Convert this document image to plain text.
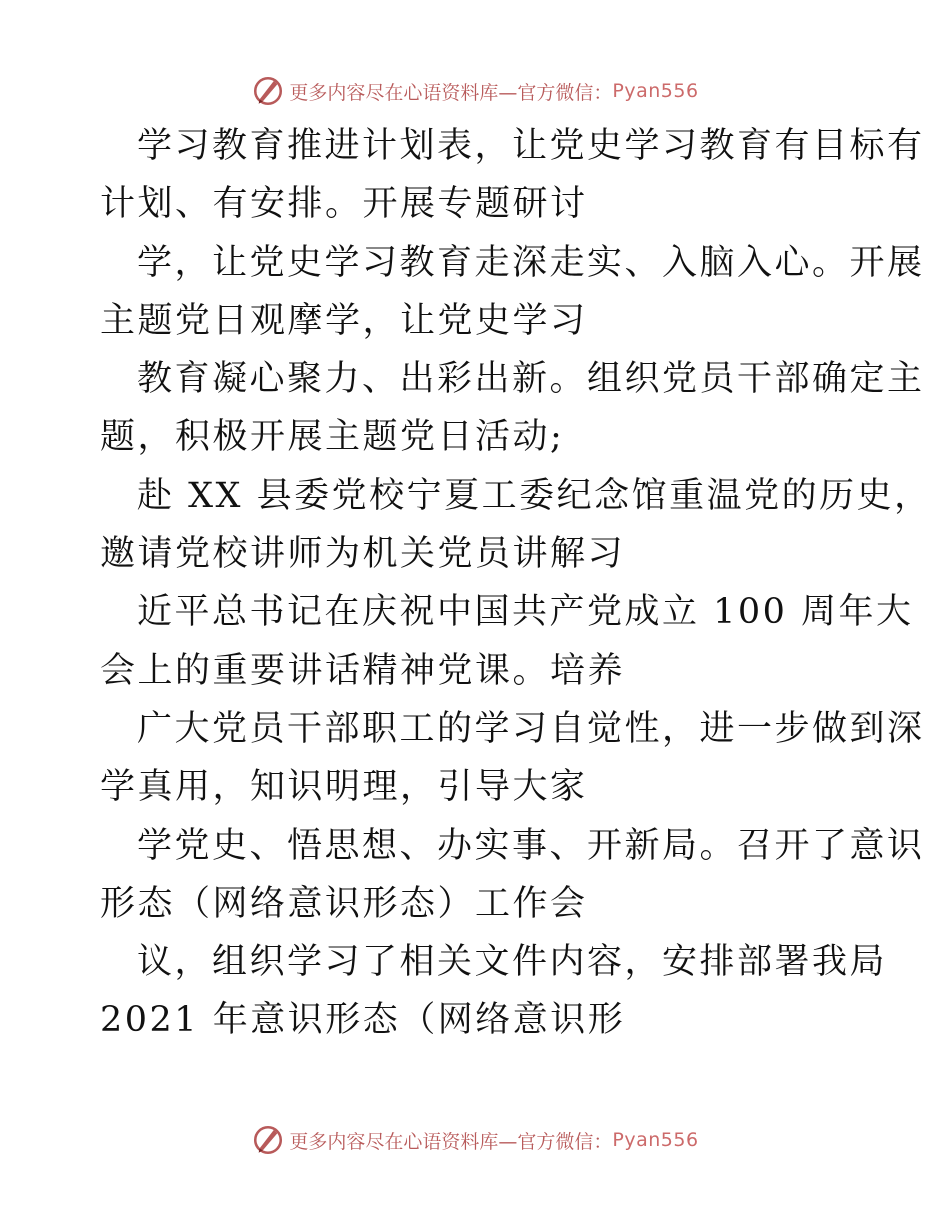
更多内容尽在心语资料库—官方微信： Pyan556
学习教育推进计划表，让党史学习教育有目标有
计划、有安排。开展专题研讨
学，让党史学习教育走深走实、入脑入心。开展
主题党日观摩学，让党史学习
教育凝心聚力、出彩出新。组织党员干部确定主
题，积极开展主题党日活动;
赴 XX 县委党校宁夏工委纪念馆重温党的历史，
邀请党校讲师为机关党员讲解习
近平总书记在庆祝中国共产党成立 100 周年大
会上的重要讲话精神党课。培养
广大党员干部职工的学习自觉性，进一步做到深
学真用，知识明理，引导大家
学党史、悟思想、办实事、开新局。召开了意识
形态（网络意识形态）工作会
议，组织学习了相关文件内容，安排部署我局
2021 年意识形态（网络意识形
更多内容尽在心语资料库—官方微信： Pyan556
